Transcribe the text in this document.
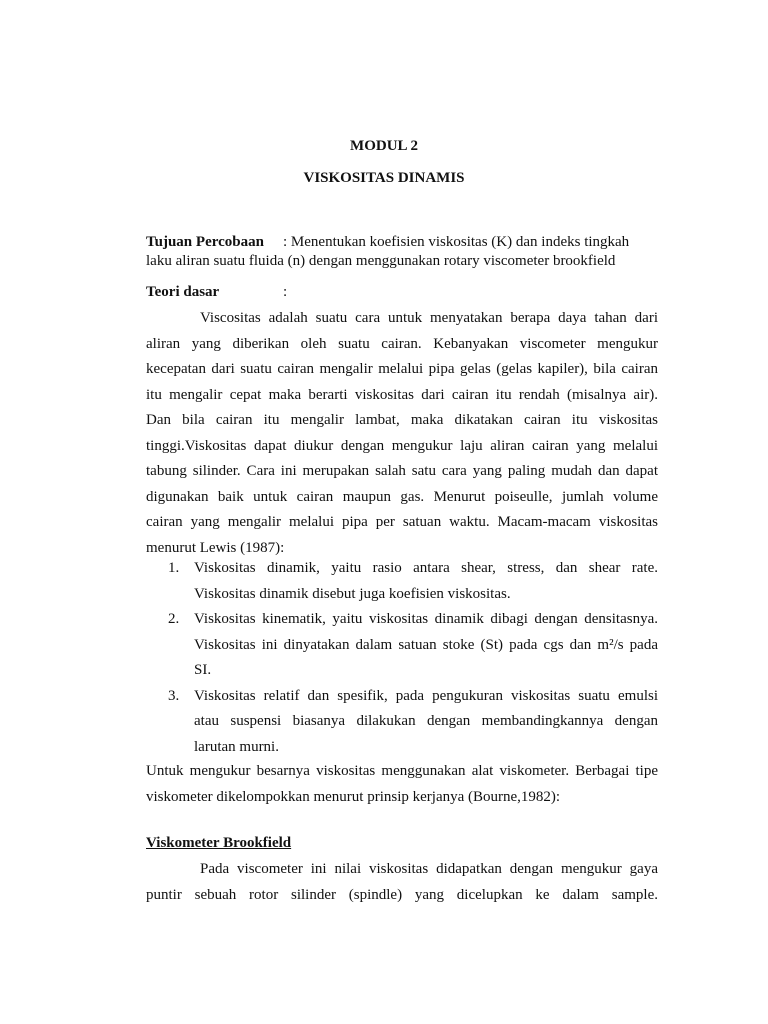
MODUL 2
VISKOSITAS DINAMIS
Tujuan Percobaan : Menentukan koefisien viskositas (K) dan indeks tingkah
laku aliran suatu fluida (n) dengan menggunakan rotary viscometer brookfield
Teori dasar	:
Viscositas adalah suatu cara untuk menyatakan berapa daya tahan dari
aliran yang diberikan oleh suatu cairan. Kebanyakan viscometer mengukur
kecepatan dari suatu cairan mengalir melalui pipa gelas (gelas kapiler), bila cairan
itu mengalir cepat maka berarti viskositas dari cairan itu rendah (misalnya air).
Dan bila cairan itu mengalir lambat, maka dikatakan cairan itu viskositas
tinggi.Viskositas dapat diukur dengan mengukur laju aliran cairan yang melalui
tabung silinder. Cara ini merupakan salah satu cara yang paling mudah dan dapat
digunakan baik untuk cairan maupun gas. Menurut poiseulle, jumlah volume
cairan yang mengalir melalui pipa per satuan waktu. Macam-macam viskositas
menurut Lewis (1987):
1. Viskositas dinamik, yaitu rasio antara shear, stress, dan shear rate.
Viskositas dinamik disebut juga koefisien viskositas.
2. Viskositas kinematik, yaitu viskositas dinamik dibagi dengan densitasnya.
Viskositas ini dinyatakan dalam satuan stoke (St) pada cgs dan m²/s pada
SI.
3. Viskositas relatif dan spesifik, pada pengukuran viskositas suatu emulsi
atau suspensi biasanya dilakukan dengan membandingkannya dengan
larutan murni.
Untuk mengukur besarnya viskositas menggunakan alat viskometer. Berbagai tipe
viskometer dikelompokkan menurut prinsip kerjanya (Bourne,1982):
Viskometer Brookfield
Pada viscometer ini nilai viskositas didapatkan dengan mengukur gaya
puntir sebuah rotor silinder (spindle) yang dicelupkan ke dalam sample.
